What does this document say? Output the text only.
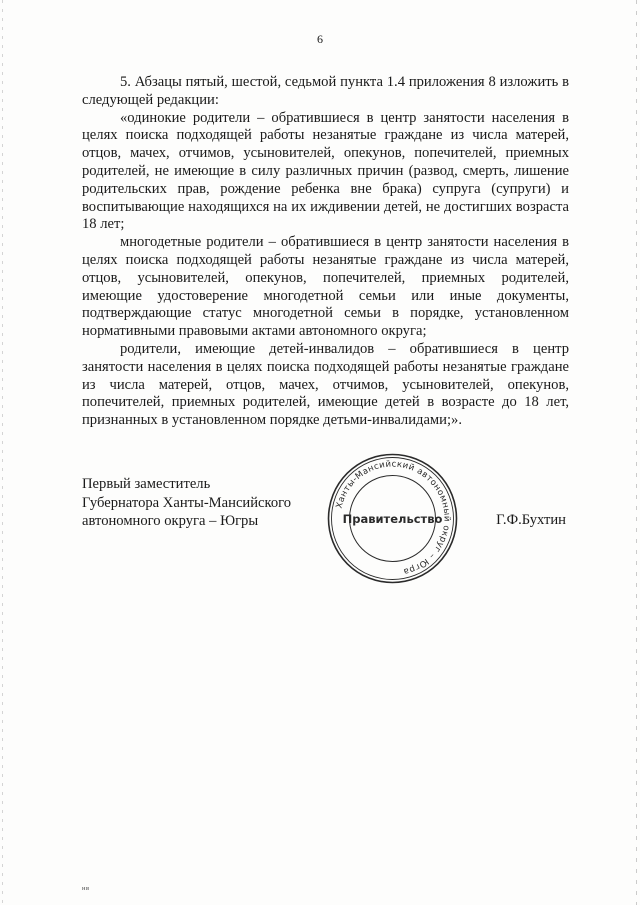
6

5. Абзацы пятый, шестой, седьмой пункта 1.4 приложения 8 изложить в следующей редакции:

«одинокие родители – обратившиеся в центр занятости населения в целях поиска подходящей работы незанятые граждане из числа матерей, отцов, мачех, отчимов, усыновителей, опекунов, попечителей, приемных родителей, не имеющие в силу различных причин (развод, смерть, лишение родительских прав, рождение ребенка вне брака) супруга (супруги) и воспитывающие находящихся на их иждивении детей, не достигших возраста 18 лет;

многодетные родители – обратившиеся в центр занятости населения в целях поиска подходящей работы незанятые граждане из числа матерей, отцов, усыновителей, опекунов, попечителей, приемных родителей, имеющие удостоверение многодетной семьи или иные документы, подтверждающие статус многодетной семьи в порядке, установленном нормативными правовыми актами автономного округа;

родители, имеющие детей-инвалидов – обратившиеся в центр занятости населения в целях поиска подходящей работы незанятые граждане из числа матерей, отцов, мачех, отчимов, усыновителей, опекунов, попечителей, приемных родителей, имеющие детей в возрасте до 18 лет, признанных в установленном порядке детьми-инвалидами;».

Первый заместитель
Губернатора Ханты-Мансийского
автономного округа – Югры
Ханты-Мансийский автономный округ – Югра
Правительство	Г.Ф.Бухтин
нв
